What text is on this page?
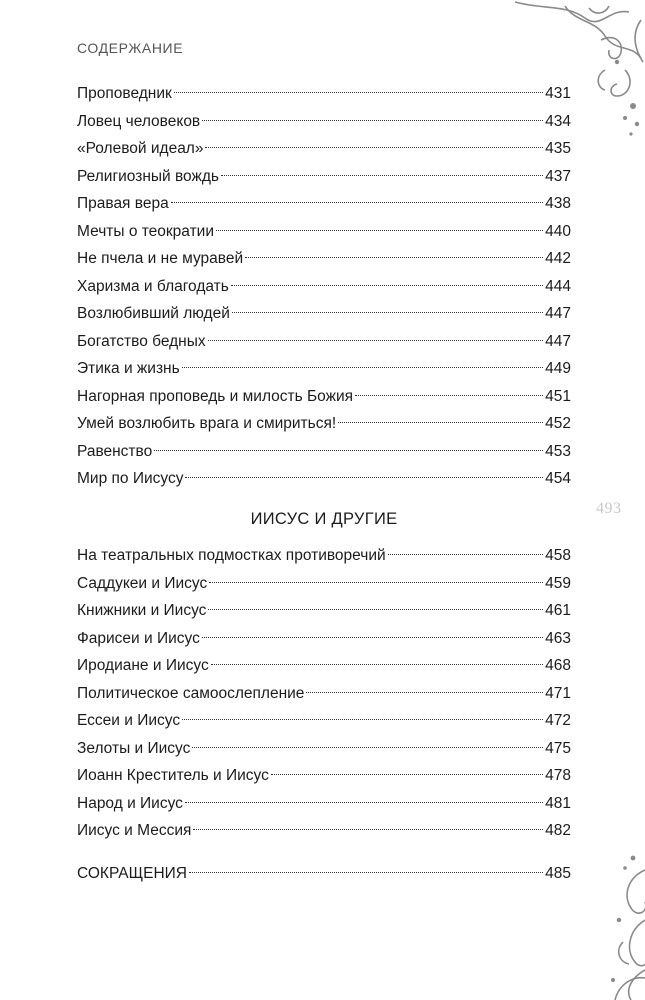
СОДЕРЖАНИЕ
493
Проповедник	431
Ловец человеков	434
«Ролевой идеал»	435
Религиозный вождь	437
Правая вера	438
Мечты о теократии	440
Не пчела и не муравей	442
Харизма и благодать	444
Возлюбивший людей	447
Богатство бедных	447
Этика и жизнь	449
Нагорная проповедь и милость Божия	451
Умей возлюбить врага и смириться!	452
Равенство	453
Мир по Иисусу	454
ИИСУС И ДРУГИЕ
На театральных подмостках противоречий	458
Саддукеи и Иисус	459
Книжники и Иисус	461
Фарисеи и Иисус	463
Иродиане и Иисус	468
Политическое самоослепление	471
Ессеи и Иисус	472
Зелоты и Иисус	475
Иоанн Креститель и Иисус	478
Народ и Иисус	481
Иисус и Мессия	482
СОКРАЩЕНИЯ	485
